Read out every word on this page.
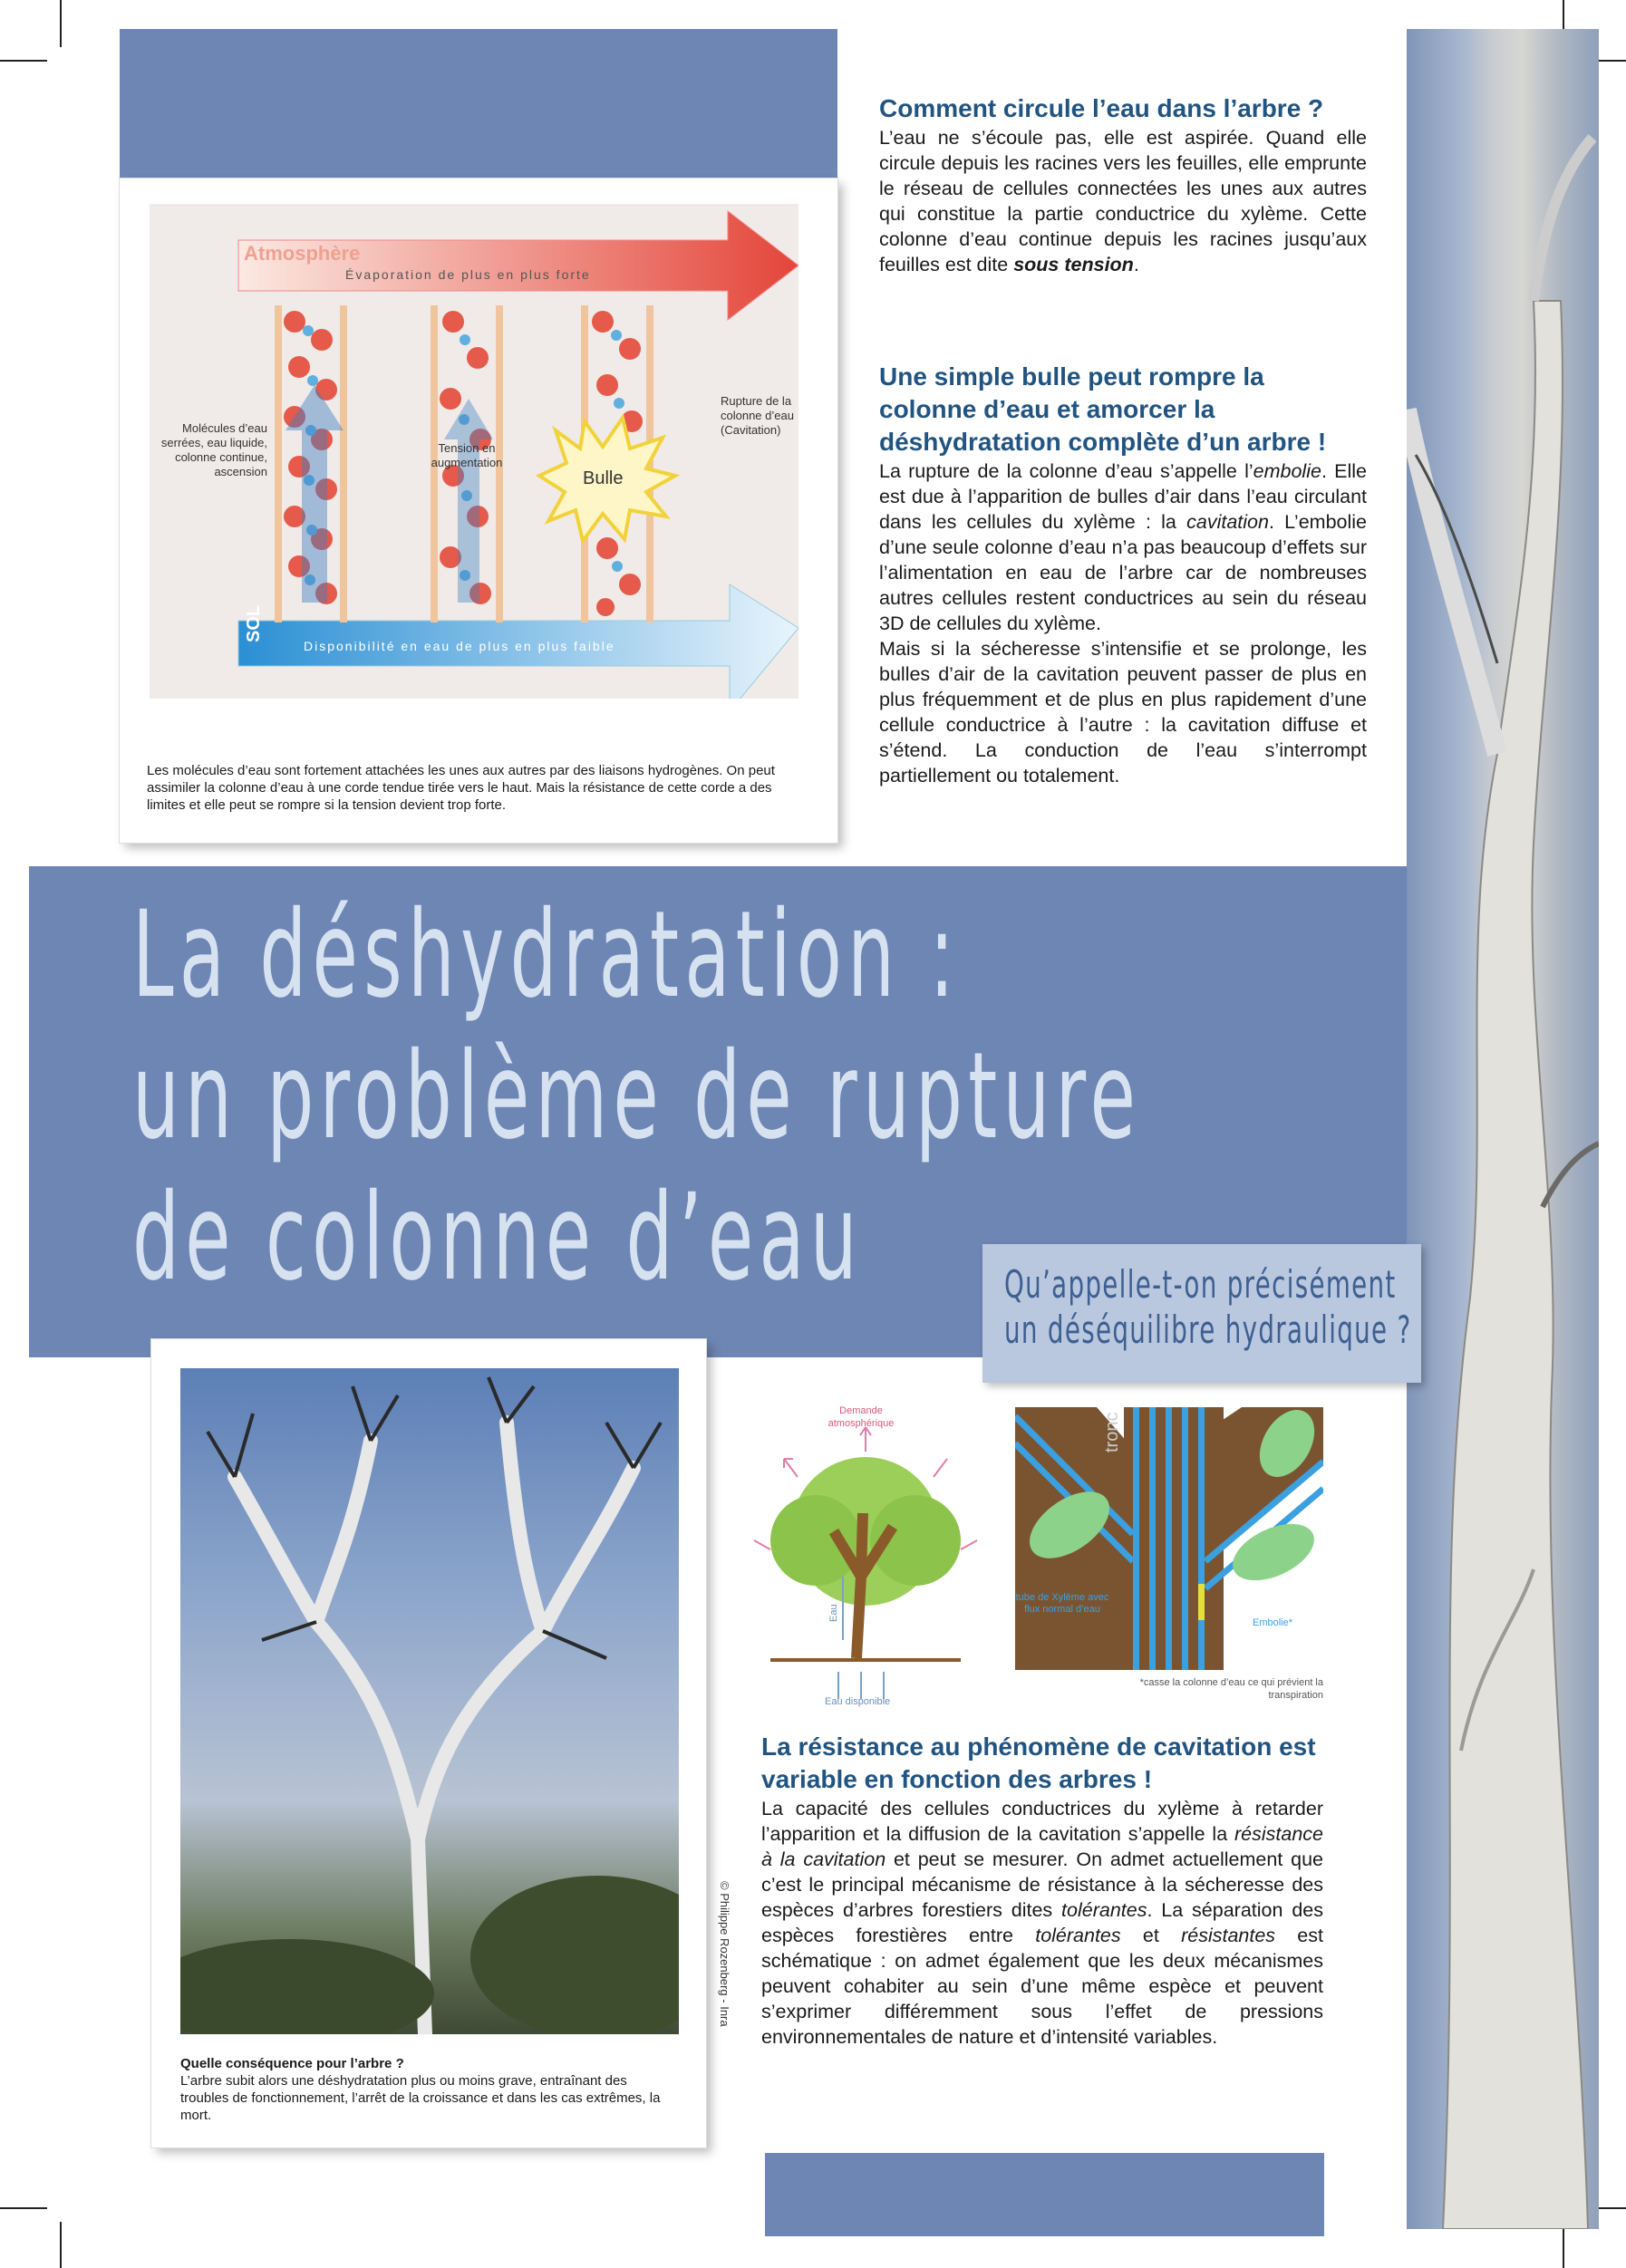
Atmosphère
Évaporation de plus en plus forte
SOL
Disponibilité en eau de plus en plus faible
Molécules d’eau serrées, eau liquide, colonne continue, ascension
Tension en augmentation
Bulle
Rupture de la colonne d’eau (Cavitation)

Les molécules d’eau sont fortement attachées les unes aux autres par des liaisons hydrogènes. On peut assimiler la colonne d’eau à une corde tendue tirée vers le haut. Mais la résistance de cette corde a des limites et elle peut se rompre si la tension devient trop forte.

Comment circule l’eau dans l’arbre ?

L’eau ne s’écoule pas, elle est aspirée. Quand elle circule depuis les racines vers les feuilles, elle emprunte le réseau de cellules connectées les unes aux autres qui constitue la partie conductrice du xylème. Cette colonne d’eau continue depuis les racines jusqu’aux feuilles est dite sous tension.

Une simple bulle peut rompre la colonne d’eau et amorcer la déshydratation complète d’un arbre !

La rupture de la colonne d’eau s’appelle l’embolie. Elle est due à l’apparition de bulles d’air dans l’eau circulant dans les cellules du xylème : la cavitation. L’embolie d’une seule colonne d’eau n’a pas beaucoup d’effets sur l’alimentation en eau de l’arbre car de nombreuses autres cellules restent conductrices au sein du réseau 3D de cellules du xylème.

Mais si la sécheresse s’intensifie et se prolonge, les bulles d’air de la cavitation peuvent passer de plus en plus fréquemment et de plus en plus rapidement d’une cellule conductrice à l’autre : la cavitation diffuse et s’étend. La conduction de l’eau s’interrompt partiellement ou totalement.

La déshydratation :
un problème de rupture
de colonne d’eau	Qu’appelle-t-on précisément
un déséquilibre hydraulique ?
© Philippe Rozenberg - Inra
Quelle conséquence pour l’arbre ?
L’arbre subit alors une déshydratation plus ou moins grave, entraînant des troubles de fonctionnement, l’arrêt de la croissance et dans les cas extrêmes, la mort.
Demande atmosphérique
Eau
Eau disponible
tronc
tube de Xylème avec flux normal d’eau
Embolie*
*casse la colonne d’eau ce qui prévient la transpiration
La résistance au phénomène de cavitation est variable en fonction des arbres !

La capacité des cellules conductrices du xylème à retarder l’apparition et la diffusion de la cavitation s’appelle la résistance à la cavitation et peut se mesurer. On admet actuellement que c’est le principal mécanisme de résistance à la sécheresse des espèces d’arbres forestiers dites tolérantes. La séparation des espèces forestières entre tolérantes et résistantes est schématique : on admet également que les deux mécanismes peuvent cohabiter au sein d’une même espèce et peuvent s’exprimer différemment sous l’effet de pressions environnementales de nature et d’intensité variables.
